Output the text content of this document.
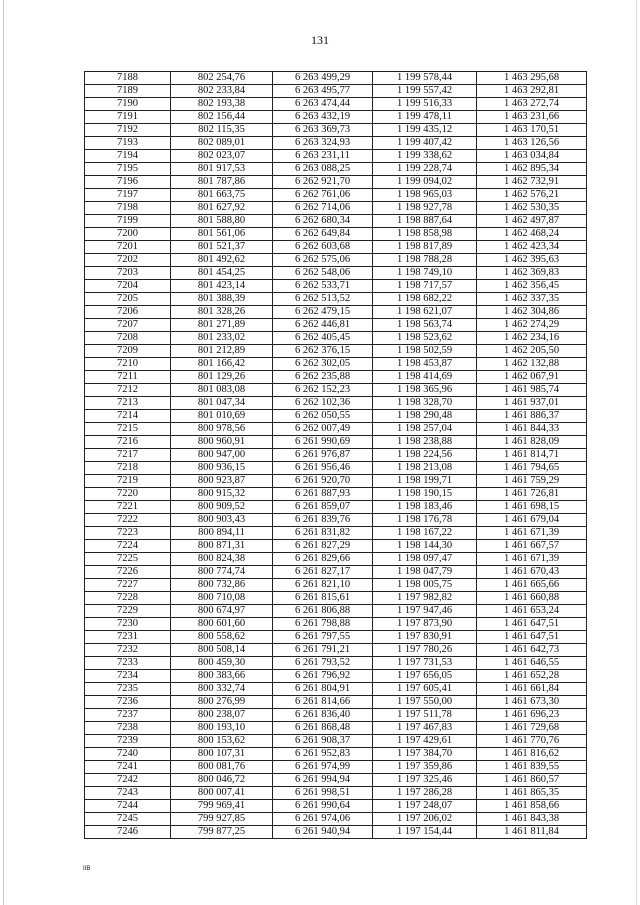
131
7188	802 254,76	6 263 499,29	1 199 578,44	1 463 295,68
7189	802 233,84	6 263 495,77	1 199 557,42	1 463 292,81
7190	802 193,38	6 263 474,44	1 199 516,33	1 463 272,74
7191	802 156,44	6 263 432,19	1 199 478,11	1 463 231,66
7192	802 115,35	6 263 369,73	1 199 435,12	1 463 170,51
7193	802 089,01	6 263 324,93	1 199 407,42	1 463 126,56
7194	802 023,07	6 263 231,11	1 199 338,62	1 463 034,84
7195	801 917,53	6 263 088,25	1 199 228,74	1 462 895,34
7196	801 787,86	6 262 921,70	1 199 094,02	1 462 732,91
7197	801 663,75	6 262 761,06	1 198 965,03	1 462 576,21
7198	801 627,92	6 262 714,06	1 198 927,78	1 462 530,35
7199	801 588,80	6 262 680,34	1 198 887,64	1 462 497,87
7200	801 561,06	6 262 649,84	1 198 858,98	1 462 468,24
7201	801 521,37	6 262 603,68	1 198 817,89	1 462 423,34
7202	801 492,62	6 262 575,06	1 198 788,28	1 462 395,63
7203	801 454,25	6 262 548,06	1 198 749,10	1 462 369,83
7204	801 423,14	6 262 533,71	1 198 717,57	1 462 356,45
7205	801 388,39	6 262 513,52	1 198 682,22	1 462 337,35
7206	801 328,26	6 262 479,15	1 198 621,07	1 462 304,86
7207	801 271,89	6 262 446,81	1 198 563,74	1 462 274,29
7208	801 233,02	6 262 405,45	1 198 523,62	1 462 234,16
7209	801 212,89	6 262 376,15	1 198 502,59	1 462 205,50
7210	801 166,42	6 262 302,05	1 198 453,87	1 462 132,88
7211	801 129,26	6 262 235,88	1 198 414,69	1 462 067,91
7212	801 083,08	6 262 152,23	1 198 365,96	1 461 985,74
7213	801 047,34	6 262 102,36	1 198 328,70	1 461 937,01
7214	801 010,69	6 262 050,55	1 198 290,48	1 461 886,37
7215	800 978,56	6 262 007,49	1 198 257,04	1 461 844,33
7216	800 960,91	6 261 990,69	1 198 238,88	1 461 828,09
7217	800 947,00	6 261 976,87	1 198 224,56	1 461 814,71
7218	800 936,15	6 261 956,46	1 198 213,08	1 461 794,65
7219	800 923,87	6 261 920,70	1 198 199,71	1 461 759,29
7220	800 915,32	6 261 887,93	1 198 190,15	1 461 726,81
7221	800 909,52	6 261 859,07	1 198 183,46	1 461 698,15
7222	800 903,43	6 261 839,76	1 198 176,78	1 461 679,04
7223	800 894,11	6 261 831,82	1 198 167,22	1 461 671,39
7224	800 871,31	6 261 827,29	1 198 144,30	1 461 667,57
7225	800 824,38	6 261 829,66	1 198 097,47	1 461 671,39
7226	800 774,74	6 261 827,17	1 198 047,79	1 461 670,43
7227	800 732,86	6 261 821,10	1 198 005,75	1 461 665,66
7228	800 710,08	6 261 815,61	1 197 982,82	1 461 660,88
7229	800 674,97	6 261 806,88	1 197 947,46	1 461 653,24
7230	800 601,60	6 261 798,88	1 197 873,90	1 461 647,51
7231	800 558,62	6 261 797,55	1 197 830,91	1 461 647,51
7232	800 508,14	6 261 791,21	1 197 780,26	1 461 642,73
7233	800 459,30	6 261 793,52	1 197 731,53	1 461 646,55
7234	800 383,66	6 261 796,92	1 197 656,05	1 461 652,28
7235	800 332,74	6 261 804,91	1 197 605,41	1 461 661,84
7236	800 276,99	6 261 814,66	1 197 550,00	1 461 673,30
7237	800 238,07	6 261 836,40	1 197 511,78	1 461 696,23
7238	800 193,10	6 261 868,48	1 197 467,83	1 461 729,68
7239	800 153,62	6 261 908,37	1 197 429,61	1 461 770,76
7240	800 107,31	6 261 952,83	1 197 384,70	1 461 816,62
7241	800 081,76	6 261 974,99	1 197 359,86	1 461 839,55
7242	800 046,72	6 261 994,94	1 197 325,46	1 461 860,57
7243	800 007,41	6 261 998,51	1 197 286,28	1 461 865,35
7244	799 969,41	6 261 990,64	1 197 248,07	1 461 858,66
7245	799 927,85	6 261 974,06	1 197 206,02	1 461 843,38
7246	799 877,25	6 261 940,94	1 197 154,44	1 461 811,84
IIB
